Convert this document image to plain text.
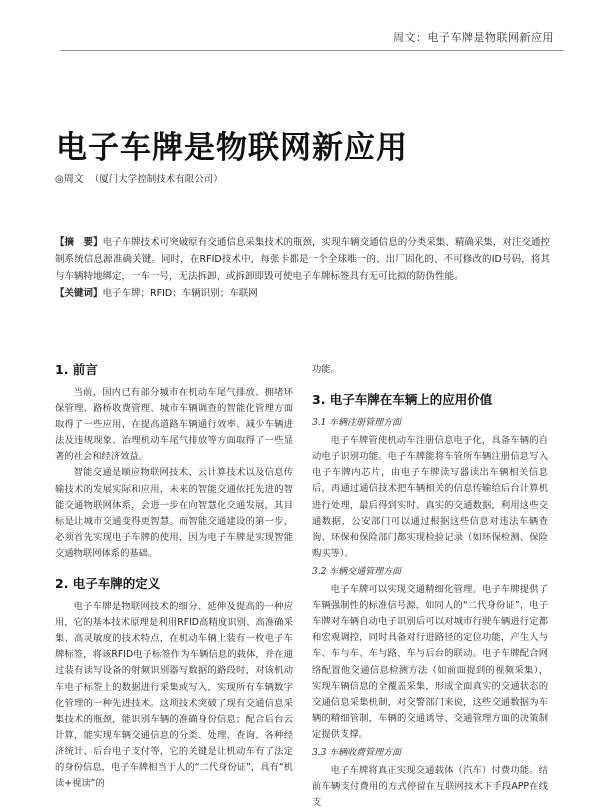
周文：电子车牌是物联网新应用
电子车牌是物联网新应用
◎周文 （厦门大学控制技术有限公司）

【摘　要】电子车牌技术可突破原有交通信息采集技术的瓶颈，实现车辆交通信息的分类采集、精确采集，对注交通控制系统信息源准确关键。同时，在RFID技术中，每张卡都是一个全球唯一的、出厂固化的、不可修改的ID号码，将其与车辆特地绑定，一车一号，无法拆卸、或拆卸即毁可使电子车牌标签具有无可比拟的防伪性能。

【关键词】电子车牌；RFID；车辆识别；车联网

1. 前言

当前，国内已有部分城市在机动车尾气排放、拥堵环保管理、路桥收费管理、城市车辆调查的智能化管理方面取得了一些应用，在提高道路车辆通行效率、减少车辆进法及违规现象、治理机动车尾气排放等方面取得了一些显著的社会和经济效益。

智能交通是顺应物联网技术、云计算技术以及信息传输技术的发展实际和应用，未来的智能交通依托先进的智能交通物联网体系，会进一步在向智慧化交通发展，其目标是让城市交通变得更智慧。而智能交通建设的第一步，必须首先实现电子车牌的使用，因为电子车牌是实现智能交通物联网体系的基础。

2. 电子车牌的定义

电子车牌是物联网技术的细分、延伸及提高的一种应用，它的基本技术原理是利用RFID高精度识别、高准确采集、高灵敏度的技术特点，在机动车辆上装有一枚电子车牌标签，将该RFID电子标签作为车辆信息的载体，并在通过装有读写设备的射频识别器写数据的路段时，对该机动车电子标签上的数据进行采集或写入，实现所有车辆数字化管理的一种先进技术。这项技术突破了现有交通信息采集技术的瓶颈，能识别车辆的准确身份信息；配合后台云计算，能实现车辆交通信息的分类、处理、查询、各种经济统计、后台电子支付等，它的关键是让机动车有了法定的身份信息，电子车牌相当于人的“二代身份证”，具有“机读+视读”的

功能。

3. 电子车牌在车辆上的应用价值
3.1 车辆注册管理方面

电子车牌管使机动车注册信息电子化，具备车辆的自动电子识别功能。电子车牌能将车管所车辆注册信息写入电子车牌内芯片，由电子车牌读写器读出车辆相关信息后，再通过通信技术把车辆相关的信息传输给后台计算机进行处理，最后得到实时、真实的交通数据，利用这些交通数据，公安部门可以通过根据这些信息对违法车辆查询、环保和保险部门都实现检验记录（如环保检测、保险购买等）。

3.2 车辆交通管理方面

电子车牌可以实现交通精细化管理。电子车牌提供了车辆强制性的标准信号源，如同人的“二代身份证”，电子车牌对车辆自动电子识别后可以对城市行驶车辆进行定都和宏观调控，同时具备对行进路径的定位功能，产生人与车、车与车、车与路、车与后台的联动。电子车牌配合网络配置他交通信息检测方法（如前面提到的视频采集），实现车辆信息的全覆盖采集，形成全面真实的交通状态的交通信息采集机制，对交警部门来说，这些交通数据为车辆的精细管制，车辆的交通诱导、交通管理方面的决策制定提供支撑。

3.3 车辆收费管理方面

电子车牌将真正实现交通载体（汽车）付费功能。结前车辆支付费用的方式停留在互联网技术下手段APP在线支
